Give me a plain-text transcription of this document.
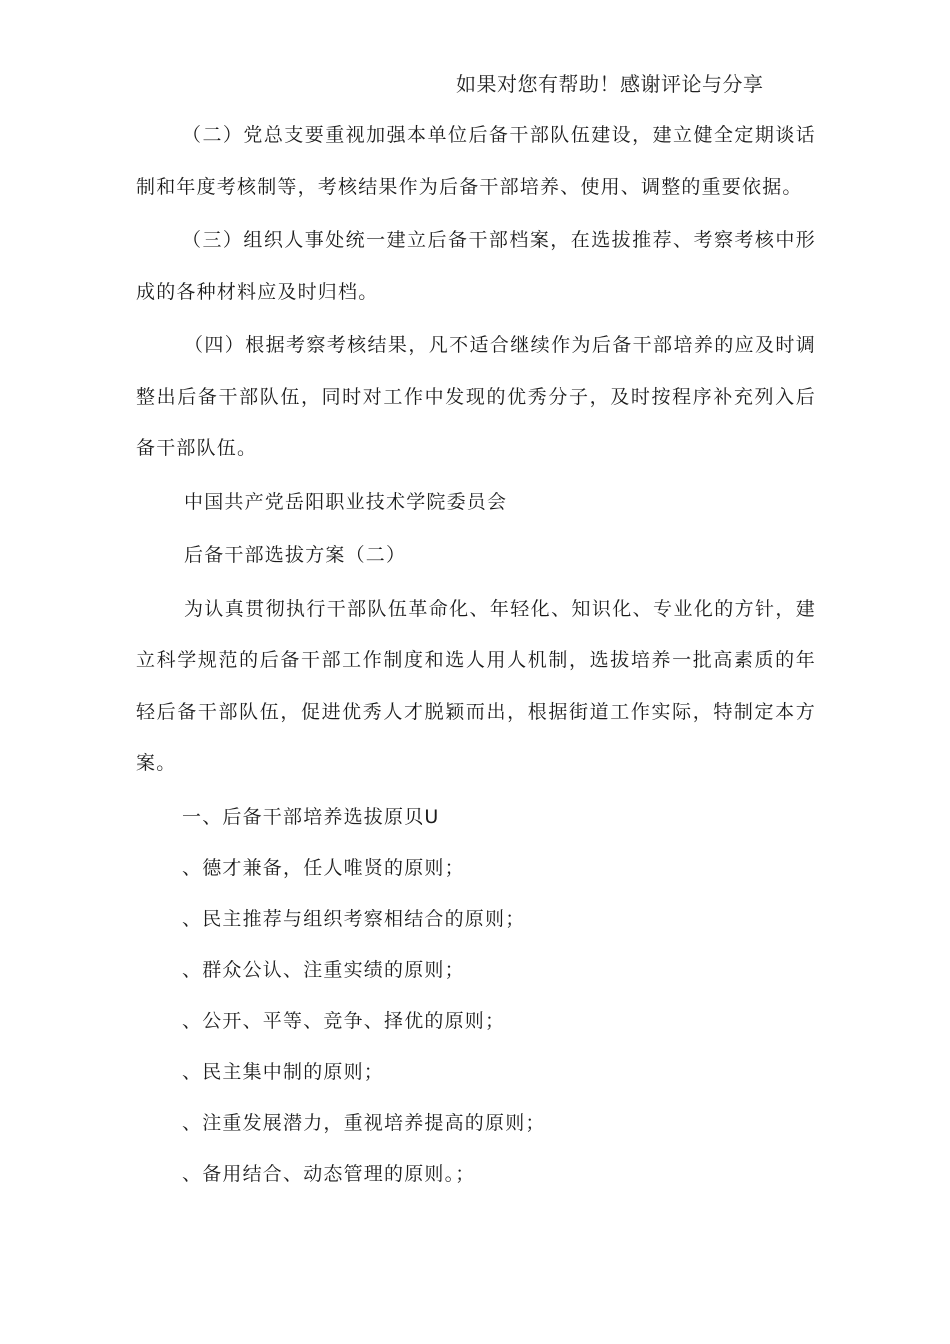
如果对您有帮助！感谢评论与分享

（二）党总支要重视加强本单位后备干部队伍建设，建立健全定期谈话制和年度考核制等，考核结果作为后备干部培养、使用、调整的重要依据。

（三）组织人事处统一建立后备干部档案，在选拔推荐、考察考核中形成的各种材料应及时归档。

（四）根据考察考核结果，凡不适合继续作为后备干部培养的应及时调整出后备干部队伍，同时对工作中发现的优秀分子，及时按程序补充列入后备干部队伍。

中国共产党岳阳职业技术学院委员会

后备干部选拔方案（二）

为认真贯彻执行干部队伍革命化、年轻化、知识化、专业化的方针，建立科学规范的后备干部工作制度和选人用人机制，选拔培养一批高素质的年轻后备干部队伍，促进优秀人才脱颖而出，根据街道工作实际，特制定本方案。

一、后备干部培养选拔原贝U

、德才兼备，任人唯贤的原则；

、民主推荐与组织考察相结合的原则；

、群众公认、注重实绩的原则；

、公开、平等、竞争、择优的原则；

、民主集中制的原则；

、注重发展潜力，重视培养提高的原则；

、备用结合、动态管理的原则。；
